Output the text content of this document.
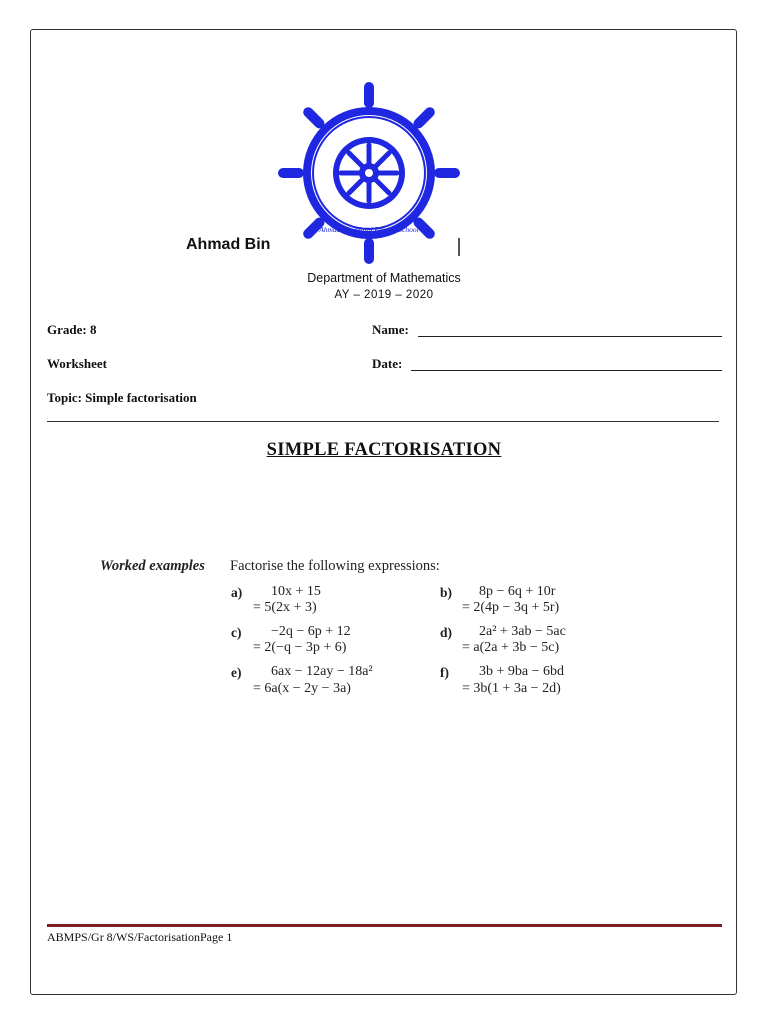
Ahmad Bin Majid Private School
Ahmad Bin
Department of Mathematics
AY – 2019 – 2020
Grade: 8
Worksheet
Topic: Simple factorisation
Name:
Date:
SIMPLE FACTORISATION
Worked examples Factorise the following expressions:
a) 10x + 15
= 5(2x + 3)
b) 8p − 6q + 10r
= 2(4p − 3q + 5r)
c) −2q − 6p + 12
= 2(−q − 3p + 6)
d) 2a² + 3ab − 5ac
= a(2a + 3b − 5c)
e) 6ax − 12ay − 18a²
= 6a(x − 2y − 3a)
f) 3b + 9ba − 6bd
= 3b(1 + 3a − 2d)
ABMPS/Gr 8/WS/FactorisationPage 1
